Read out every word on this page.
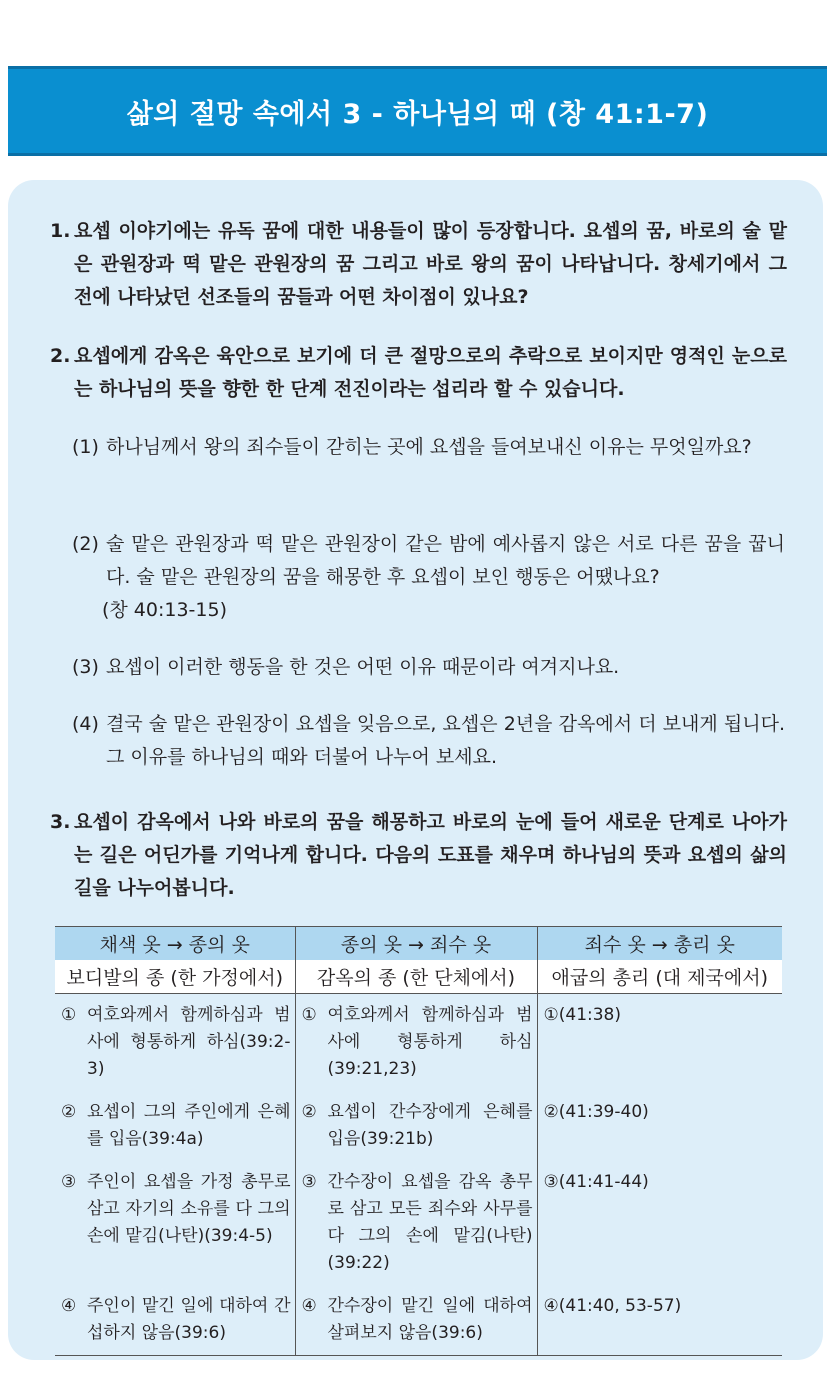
삶의 절망 속에서 3 - 하나님의 때 (창 41:1-7)
1. 요셉 이야기에는 유독 꿈에 대한 내용들이 많이 등장합니다. 요셉의 꿈, 바로의 술 맡은 관원장과 떡 맡은 관원장의 꿈 그리고 바로 왕의 꿈이 나타납니다. 창세기에서 그 전에 나타났던 선조들의 꿈들과 어떤 차이점이 있나요?
2. 요셉에게 감옥은 육안으로 보기에 더 큰 절망으로의 추락으로 보이지만 영적인 눈으로는 하나님의 뜻을 향한 한 단계 전진이라는 섭리라 할 수 있습니다.
(1) 하나님께서 왕의 죄수들이 갇히는 곳에 요셉을 들여보내신 이유는 무엇일까요?
(2) 술 맡은 관원장과 떡 맡은 관원장이 같은 밤에 예사롭지 않은 서로 다른 꿈을 꿉니다. 술 맡은 관원장의 꿈을 해몽한 후 요셉이 보인 행동은 어땠나요?
(창 40:13-15)
(3) 요셉이 이러한 행동을 한 것은 어떤 이유 때문이라 여겨지나요.
(4) 결국 술 맡은 관원장이 요셉을 잊음으로, 요셉은 2년을 감옥에서 더 보내게 됩니다. 그 이유를 하나님의 때와 더불어 나누어 보세요.
3. 요셉이 감옥에서 나와 바로의 꿈을 해몽하고 바로의 눈에 들어 새로운 단계로 나아가는 길은 어딘가를 기억나게 합니다. 다음의 도표를 채우며 하나님의 뜻과 요셉의 삶의 길을 나누어봅니다.
채색 옷 → 종의 옷	종의 옷 → 죄수 옷	죄수 옷 → 총리 옷
보디발의 종 (한 가정에서)	감옥의 종 (한 단체에서)	애굽의 총리 (대 제국에서)

① 여호와께서 함께하심과 범사에 형통하게 하심(39:2-3)	① 여호와께서 함께하심과 범사에 형통하게 하심(39:21,23)	①(41:38)

② 요셉이 그의 주인에게 은혜를 입음(39:4a)	② 요셉이 간수장에게 은혜를 입음(39:21b)	②(41:39-40)

③ 주인이 요셉을 가정 총무로 삼고 자기의 소유를 다 그의 손에 맡김(나탄)(39:4-5)	③ 간수장이 요셉을 감옥 총무로 삼고 모든 죄수와 사무를 다 그의 손에 맡김(나탄)(39:22)	③(41:41-44)

④ 주인이 맡긴 일에 대하여 간섭하지 않음(39:6)	④ 간수장이 맡긴 일에 대하여 살펴보지 않음(39:6)	④(41:40, 53-57)
